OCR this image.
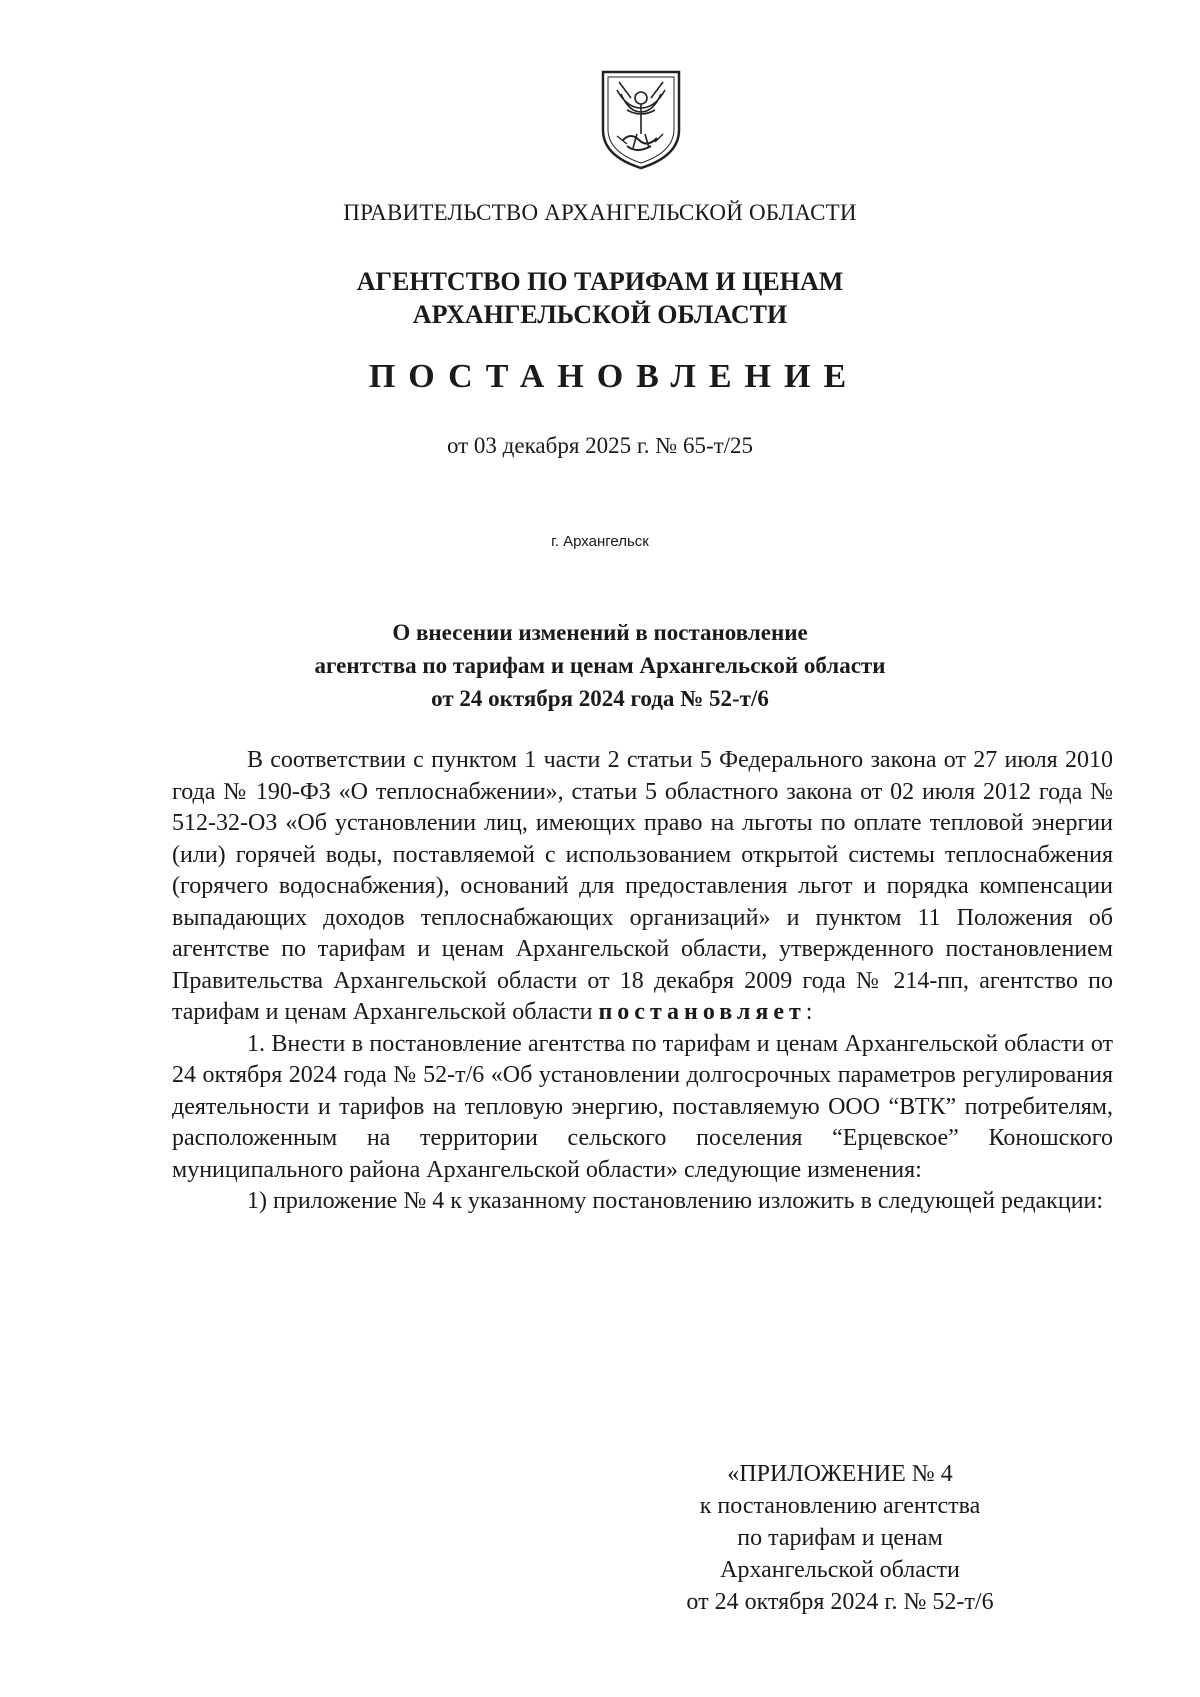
ПРАВИТЕЛЬСТВО АРХАНГЕЛЬСКОЙ ОБЛАСТИ
АГЕНТСТВО ПО ТАРИФАМ И ЦЕНАМ
АРХАНГЕЛЬСКОЙ ОБЛАСТИ
ПОСТАНОВЛЕНИЕ
от 03 декабря 2025 г. № 65-т/25
г. Архангельск
О внесении изменений в постановление
агентства по тарифам и ценам Архангельской области
от 24 октября 2024 года № 52-т/6

В соответствии с пунктом 1 части 2 статьи 5 Федерального закона от 27 июля 2010 года № 190-ФЗ «О теплоснабжении», статьи 5 областного закона от 02 июля 2012 года № 512-32-ОЗ «Об установлении лиц, имеющих право на льготы по оплате тепловой энергии (или) горячей воды, поставляемой с использованием открытой системы теплоснабжения (горячего водоснабжения), оснований для предоставления льгот и порядка компенсации выпадающих доходов теплоснабжающих организаций» и пунктом 11 Положения об агентстве по тарифам и ценам Архангельской области, утвержденного постановлением Правительства Архангельской области от 18 декабря 2009 года № 214-пп, агентство по тарифам и ценам Архангельской области постановляет:

1. Внести в постановление агентства по тарифам и ценам Архангельской области от 24 октября 2024 года № 52-т/6 «Об установлении долгосрочных параметров регулирования деятельности и тарифов на тепловую энергию, поставляемую ООО “ВТК” потребителям, расположенным на территории сельского поселения “Ерцевское” Коношского муниципального района Архангельской области» следующие изменения:

1) приложение № 4 к указанному постановлению изложить в следующей редакции:

«ПРИЛОЖЕНИЕ № 4
к постановлению агентства
по тарифам и ценам
Архангельской области
от 24 октября 2024 г. № 52-т/6
